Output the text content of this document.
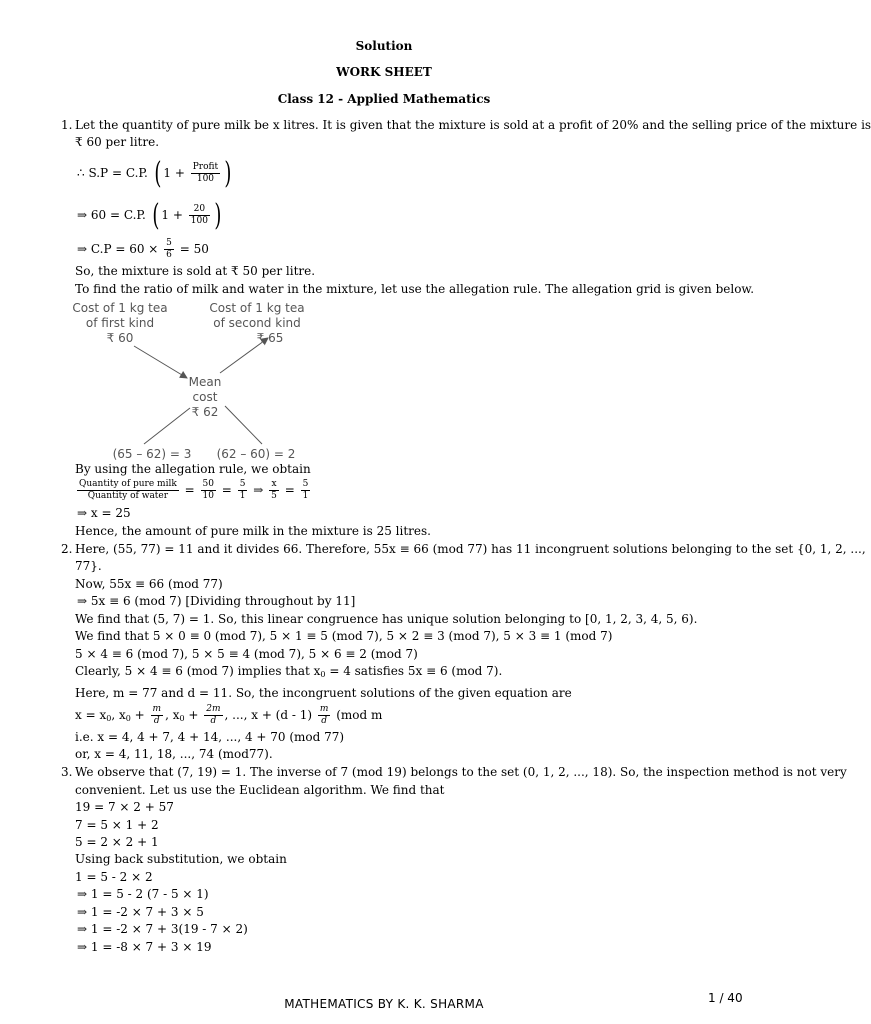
Solution
WORK SHEET
Class 12 - Applied Mathematics
1. Let the quantity of pure milk be x litres. It is given that the mixture is sold at a profit of 20% and the selling price of the mixture is
₹ 60 per litre.
∴ S.P = C.P. ( $1 + \frac{\text{Profit}}{100}$ )
⇒ 60 = C.P. ( $1 + \frac{20}{100}$ )
⇒ $C.P = 60 \times \frac{5}{6} = 50$
So, the mixture is sold at ₹ 50 per litre.
To find the ratio of milk and water in the mixture, let use the allegation rule. The allegation grid is given below.
Cost of 1 kg tea
of first kind
₹ 60
Cost of 1 kg tea
of second kind
₹ 65
Mean
cost
₹ 62
(65 – 62) = 3 (62 – 60) = 2
By using the allegation rule, we obtain
$\frac{\text{Quantity of pure milk}}{\text{Quantity of water}} = \frac{50}{10} = \frac{5}{1}$ ⇒ $\frac{x}{5} = \frac{5}{1}$
⇒ x = 25
Hence, the amount of pure milk in the mixture is 25 litres.
2. Here, (55, 77) = 11 and it divides 66. Therefore, 55x ≡ 66 (mod 77) has 11 incongruent solutions belonging to the set {0, 1, 2, ...,
77}.
Now, 55x ≡ 66 (mod 77)
⇒ 5x ≡ 6 (mod 7) [Dividing throughout by 11]
We find that (5, 7) = 1. So, this linear congruence has unique solution belonging to [0, 1, 2, 3, 4, 5, 6).
We find that 5 × 0 ≡ 0 (mod 7), 5 × 1 ≡ 5 (mod 7), 5 × 2 ≡ 3 (mod 7), 5 × 3 ≡ 1 (mod 7)
5 × 4 ≡ 6 (mod 7), 5 × 5 ≡ 4 (mod 7), 5 × 6 ≡ 2 (mod 7)
Clearly, 5 × 4 ≡ 6 (mod 7) implies that $x_0 = 4$ satisfies 5x ≡ 6 (mod 7).
Here, m = 77 and d = 11. So, the incongruent solutions of the given equation are
$x = x_0$, $x_0 + \frac{m}{d}$ , $x_0 + \frac{2m}{d}$ , ..., $x + (d - 1) \frac{m}{d} (mod$ m
i.e. x = 4, 4 + 7, 4 + 14, ..., 4 + 70 (mod 77)
or, x = 4, 11, 18, ..., 74 (mod77).
3. We observe that (7, 19) = 1. The inverse of 7 (mod 19) belongs to the set (0, 1, 2, ..., 18). So, the inspection method is not very
convenient. Let us use the Euclidean algorithm. We find that
19 = 7 × 2 + 57
7 = 5 × 1 + 2
5 = 2 × 2 + 1
Using back substitution, we obtain
1 = 5 - 2 × 2
⇒ 1 = 5 - 2 (7 - 5 × 1)
⇒ 1 = -2 × 7 + 3 × 5
⇒ 1 = -2 × 7 + 3(19 - 7 × 2)
⇒ 1 = -8 × 7 + 3 × 19
MATHEMATICS BY K. K. SHARMA	1 / 40
